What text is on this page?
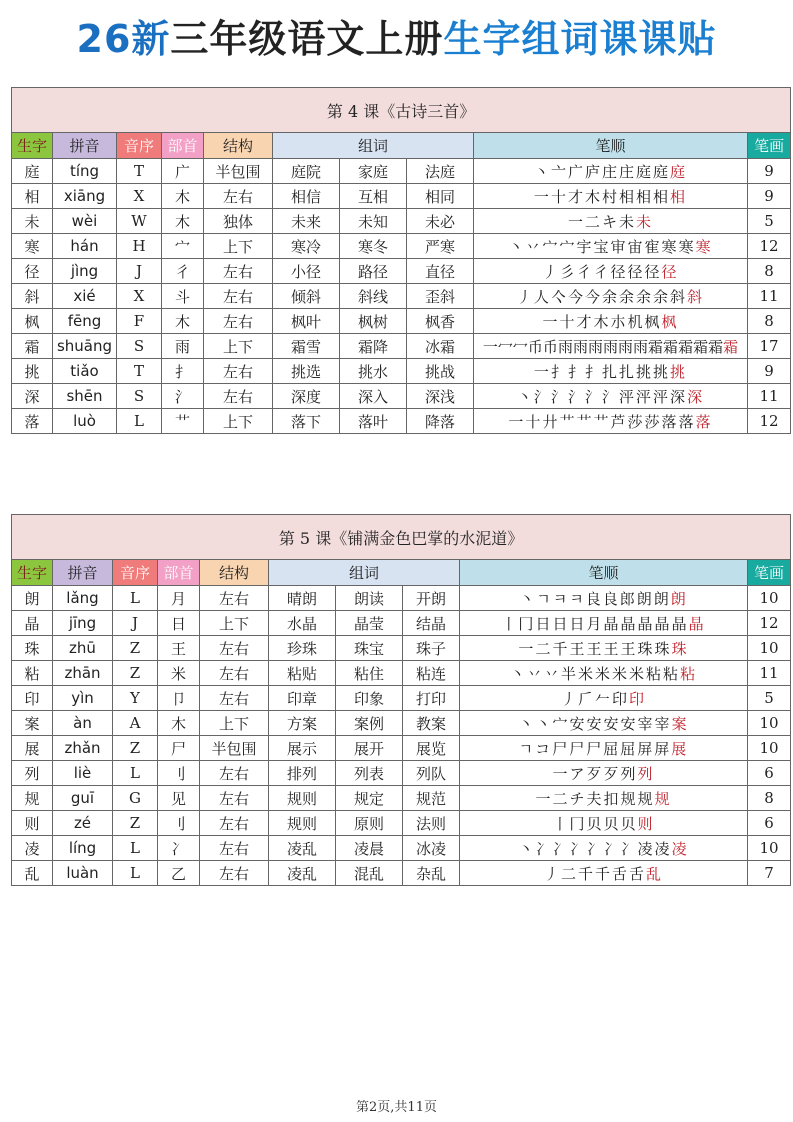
26新三年级语文上册生字组词课课贴
第 4 课《古诗三首》									
生字	拼音	音序	部首	结构	组词			笔顺	笔画
庭	tíng	T	广	半包围	庭院	家庭	法庭	丶亠广庐庄庄庭庭庭	9
相	xiāng	X	木	左右	相信	互相	相同	一十才木村相相相相	9
未	wèi	W	木	独体	未来	未知	未必	一二キ未未	5
寒	hán	H	宀	上下	寒冷	寒冬	严寒	丶丷宀宀宇宝审宙寉寒寒寒	12
径	jìng	J	彳	左右	小径	路径	直径	丿彡彳彳径径径径	8
斜	xié	X	斗	左右	倾斜	斜线	歪斜	丿人亽今今余余余余斜斜	11
枫	fēng	F	木	左右	枫叶	枫树	枫香	一十才木朩机枫枫	8
霜	shuāng	S	雨	上下	霜雪	霜降	冰霜	一冖冖币币雨雨雨雨雨雨霜霜霜霜霜霜	17
挑	tiǎo	T	扌	左右	挑选	挑水	挑战	一扌扌扌扎扎挑挑挑	9
深	shēn	S	氵	左右	深度	深入	深浅	丶氵氵氵氵氵泙泙泙深深	11
落	luò	L	艹	上下	落下	落叶	降落	一十廾艹艹艹芦莎莎落落落	12
第 5 课《铺满金色巴掌的水泥道》									
生字	拼音	音序	部首	结构	组词			笔顺	笔画
朗	lǎng	L	月	左右	晴朗	朗读	开朗	丶ㄱㅋㅋ良良郎朗朗朗	10
晶	jīng	J	日	上下	水晶	晶莹	结晶	丨冂日日日月晶晶晶晶晶晶	12
珠	zhū	Z	王	左右	珍珠	珠宝	珠子	一二千王王王王珠珠珠	10
粘	zhān	Z	米	左右	粘贴	粘住	粘连	丶丷丷半米米米米粘粘粘	11
印	yìn	Y	卩	左右	印章	印象	打印	丿𠂆𠂉印印	5
案	àn	A	木	上下	方案	案例	教案	丶丶宀安安安安宰宰案	10
展	zhǎn	Z	尸	半包围	展示	展开	展览	ㄱコ尸尸尸屈屈屏屏展	10
列	liè	L	刂	左右	排列	列表	列队	一ア歹歹列列	6
规	guī	G	见	左右	规则	规定	规范	一二チ夫扣规规规	8
则	zé	Z	刂	左右	规则	原则	法则	丨冂贝贝贝则	6
凌	líng	L	冫	左右	凌乱	凌晨	冰凌	丶冫冫冫冫冫冫凌凌凌	10
乱	luàn	L	乙	左右	凌乱	混乱	杂乱	丿二千千舌舌乱	7
第2页,共11页
